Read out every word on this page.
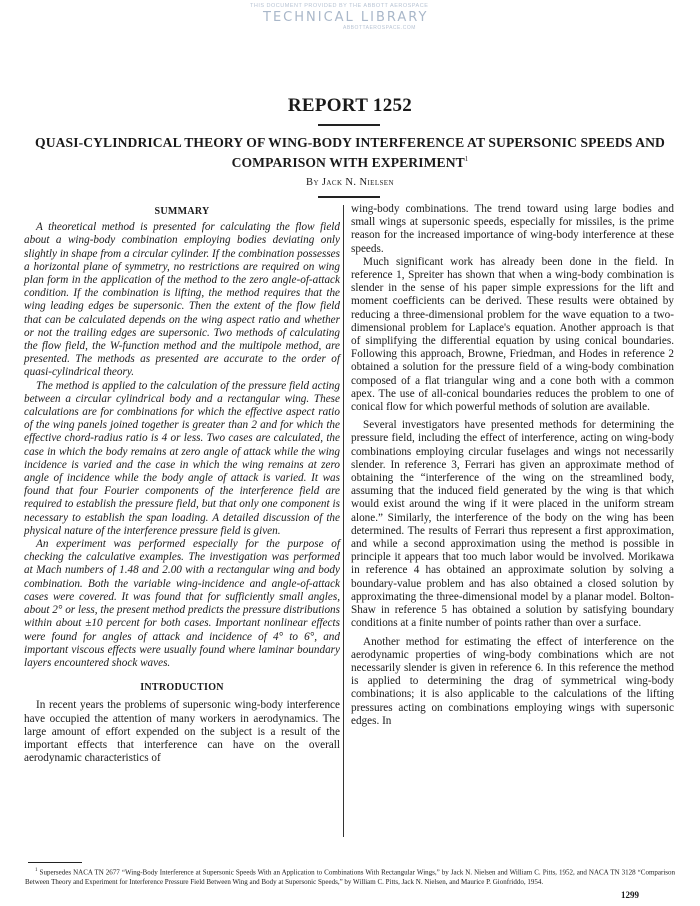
THIS DOCUMENT PROVIDED BY THE ABBOTT AEROSPACE
TECHNICAL LIBRARY
ABBOTTAEROSPACE.COM
REPORT 1252
QUASI-CYLINDRICAL THEORY OF WING-BODY INTERFERENCE AT SUPERSONIC SPEEDS AND COMPARISON WITH EXPERIMENT$^1$
By Jack N. Nielsen
SUMMARY

A theoretical method is presented for calculating the flow field about a wing-body combination employing bodies deviating only slightly in shape from a circular cylinder. If the combination possesses a horizontal plane of symmetry, no restrictions are required on wing plan form in the application of the method to the zero angle-of-attack condition. If the combination is lifting, the method requires that the wing leading edges be supersonic. Then the extent of the flow field that can be calculated depends on the wing aspect ratio and whether or not the trailing edges are supersonic. Two methods of calculating the flow field, the W-function method and the multipole method, are presented. The methods as presented are accurate to the order of quasi-cylindrical theory.

The method is applied to the calculation of the pressure field acting between a circular cylindrical body and a rectangular wing. These calculations are for combinations for which the effective aspect ratio of the wing panels joined together is greater than 2 and for which the effective chord-radius ratio is 4 or less. Two cases are calculated, the case in which the body remains at zero angle of attack while the wing incidence is varied and the case in which the wing remains at zero angle of incidence while the body angle of attack is varied. It was found that four Fourier components of the interference field are required to establish the pressure field, but that only one component is necessary to establish the span loading. A detailed discussion of the physical nature of the interference pressure field is given.

An experiment was performed especially for the purpose of checking the calculative examples. The investigation was performed at Mach numbers of 1.48 and 2.00 with a rectangular wing and body combination. Both the variable wing-incidence and angle-of-attack cases were covered. It was found that for sufficiently small angles, about 2° or less, the present method predicts the pressure distributions within about ±10 percent for both cases. Important nonlinear effects were found for angles of attack and incidence of 4° to 6°, and important viscous effects were usually found where laminar boundary layers encountered shock waves.

INTRODUCTION

In recent years the problems of supersonic wing-body interference have occupied the attention of many workers in aerodynamics. The large amount of effort expended on the subject is a result of the important effects that interference can have on the overall aerodynamic characteristics of

wing-body combinations. The trend toward using large bodies and small wings at supersonic speeds, especially for missiles, is the prime reason for the increased importance of wing-body interference at these speeds.

Much significant work has already been done in the field. In reference 1, Spreiter has shown that when a wing-body combination is slender in the sense of his paper simple expressions for the lift and moment coefficients can be derived. These results were obtained by reducing a three-dimensional problem for the wave equation to a two-dimensional problem for Laplace's equation. Another approach is that of simplifying the differential equation by using conical boundaries. Following this approach, Browne, Friedman, and Hodes in reference 2 obtained a solution for the pressure field of a wing-body combination composed of a flat triangular wing and a cone both with a common apex. The use of all-conical boundaries reduces the problem to one of conical flow for which powerful methods of solution are available.

Several investigators have presented methods for determining the pressure field, including the effect of interference, acting on wing-body combinations employing circular fuselages and wings not necessarily slender. In reference 3, Ferrari has given an approximate method of obtaining the “interference of the wing on the streamlined body, assuming that the induced field generated by the wing is that which would exist around the wing if it were placed in the uniform stream alone.” Similarly, the interference of the body on the wing has been determined. The results of Ferrari thus represent a first approximation, and while a second approximation using the method is possible in principle it appears that too much labor would be involved. Morikawa in reference 4 has obtained an approximate solution by solving a boundary-value problem and has also obtained a closed solution by approximating the three-dimensional model by a planar model. Bolton-Shaw in reference 5 has obtained a solution by satisfying boundary conditions at a finite number of points rather than over a surface.

Another method for estimating the effect of interference on the aerodynamic properties of wing-body combinations which are not necessarily slender is given in reference 6. In this reference the method is applied to determining the drag of symmetrical wing-body combinations; it is also applicable to the calculations of the lifting pressures acting on combinations employing wings with supersonic edges. In

$^1$ Supersedes NACA TN 2677 “Wing-Body Interference at Supersonic Speeds With an Application to Combinations With Rectangular Wings,” by Jack N. Nielsen and William C. Pitts, 1952, and NACA TN 3128 “Comparison Between Theory and Experiment for Interference Pressure Field Between Wing and Body at Supersonic Speeds,” by William C. Pitts, Jack N. Nielsen, and Maurice P. Gionfriddo, 1954.

1299
